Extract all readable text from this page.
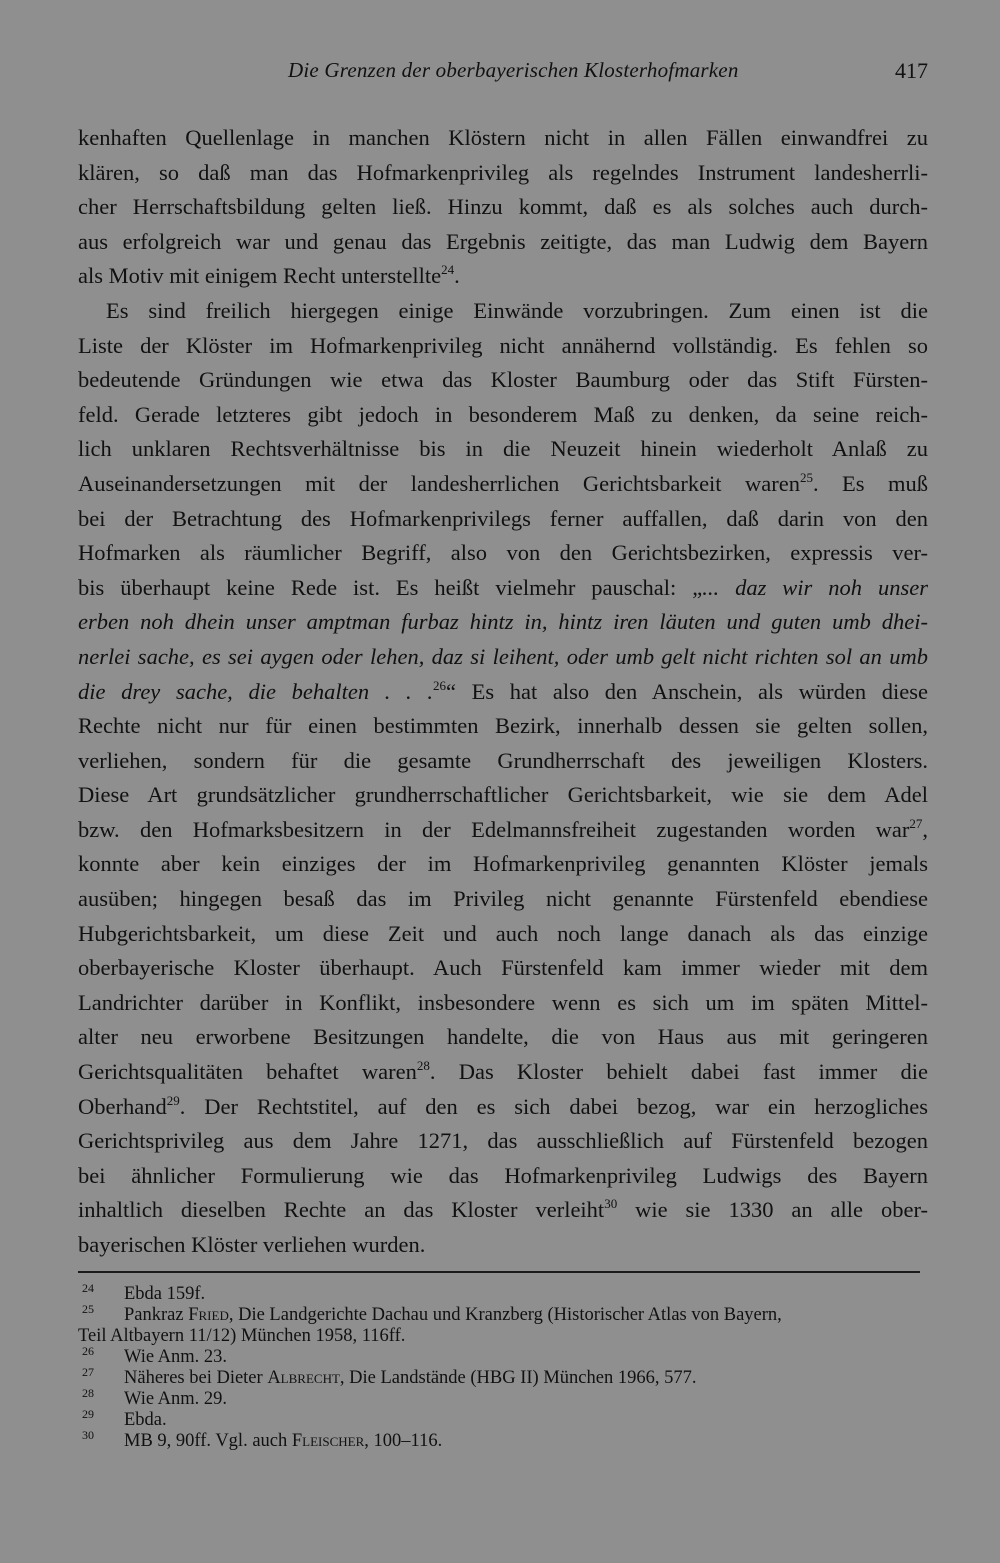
Die Grenzen der oberbayerischen Klosterhofmarken	417
kenhaften Quellenlage in manchen Klöstern nicht in allen Fällen einwandfrei zu
klären, so daß man das Hofmarkenprivileg als regelndes Instrument landesherrli-
cher Herrschaftsbildung gelten ließ. Hinzu kommt, daß es als solches auch durch-
aus erfolgreich war und genau das Ergebnis zeitigte, das man Ludwig dem Bayern
als Motiv mit einigem Recht unterstellte$^{24}$.
Es sind freilich hiergegen einige Einwände vorzubringen. Zum einen ist die
Liste der Klöster im Hofmarkenprivileg nicht annähernd vollständig. Es fehlen so
bedeutende Gründungen wie etwa das Kloster Baumburg oder das Stift Fürsten-
feld. Gerade letzteres gibt jedoch in besonderem Maß zu denken, da seine reich-
lich unklaren Rechtsverhältnisse bis in die Neuzeit hinein wiederholt Anlaß zu
Auseinandersetzungen mit der landesherrlichen Gerichtsbarkeit waren$^{25}$. Es muß
bei der Betrachtung des Hofmarkenprivilegs ferner auffallen, daß darin von den
Hofmarken als räumlicher Begriff, also von den Gerichtsbezirken, expressis ver-
bis überhaupt keine Rede ist. Es heißt vielmehr pauschal: „... daz wir noh unser
erben noh dhein unser amptman furbaz hintz in, hintz iren läuten und guten umb dhei-
nerlei sache, es sei aygen oder lehen, daz si leihent, oder umb gelt nicht richten sol an umb
die drey sache, die behalten . . .$^{26}$“ Es hat also den Anschein, als würden diese
Rechte nicht nur für einen bestimmten Bezirk, innerhalb dessen sie gelten sollen,
verliehen, sondern für die gesamte Grundherrschaft des jeweiligen Klosters.
Diese Art grundsätzlicher grundherrschaftlicher Gerichtsbarkeit, wie sie dem Adel
bzw. den Hofmarksbesitzern in der Edelmannsfreiheit zugestanden worden war$^{27}$,
konnte aber kein einziges der im Hofmarkenprivileg genannten Klöster jemals
ausüben; hingegen besaß das im Privileg nicht genannte Fürstenfeld ebendiese
Hubgerichtsbarkeit, um diese Zeit und auch noch lange danach als das einzige
oberbayerische Kloster überhaupt. Auch Fürstenfeld kam immer wieder mit dem
Landrichter darüber in Konflikt, insbesondere wenn es sich um im späten Mittel-
alter neu erworbene Besitzungen handelte, die von Haus aus mit geringeren
Gerichtsqualitäten behaftet waren$^{28}$. Das Kloster behielt dabei fast immer die
Oberhand$^{29}$. Der Rechtstitel, auf den es sich dabei bezog, war ein herzogliches
Gerichtsprivileg aus dem Jahre 1271, das ausschließlich auf Fürstenfeld bezogen
bei ähnlicher Formulierung wie das Hofmarkenprivileg Ludwigs des Bayern
inhaltlich dieselben Rechte an das Kloster verleiht$^{30}$ wie sie 1330 an alle ober-
bayerischen Klöster verliehen wurden.
24 Ebda 159f.
25 Pankraz Fried, Die Landgerichte Dachau und Kranzberg (Historischer Atlas von Bayern,
Teil Altbayern 11/12) München 1958, 116ff.
26 Wie Anm. 23.
27 Näheres bei Dieter Albrecht, Die Landstände (HBG II) München 1966, 577.
28 Wie Anm. 29.
29 Ebda.
30 MB 9, 90ff. Vgl. auch Fleischer, 100–116.
